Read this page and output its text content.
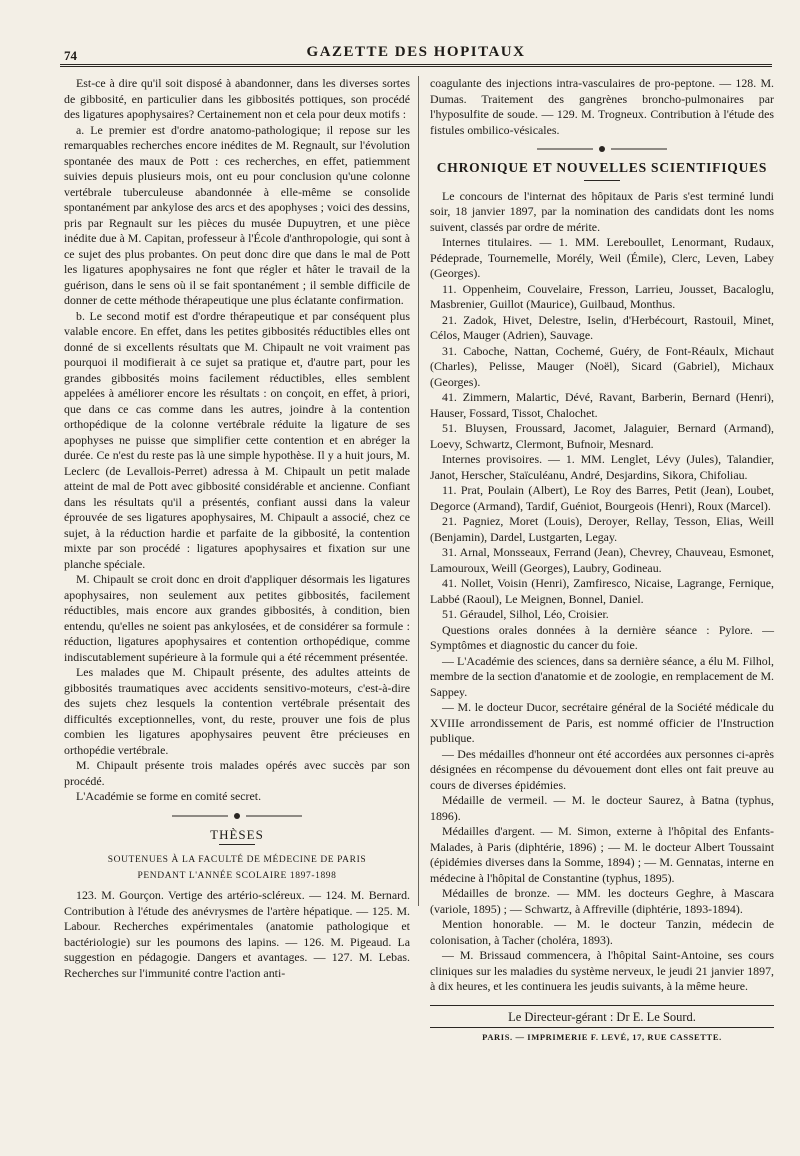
74	GAZETTE DES HOPITAUX

Est-ce à dire qu'il soit disposé à abandonner, dans les diverses sortes de gibbosité, en particulier dans les gibbosités pottiques, son procédé des ligatures apophysaires? Certainement non et cela pour deux motifs :

a. Le premier est d'ordre anatomo-pathologique; il repose sur les remarquables recherches encore inédites de M. Regnault, sur l'évolution spontanée des maux de Pott : ces recherches, en effet, patiemment suivies depuis plusieurs mois, ont eu pour conclusion qu'une colonne vertébrale tuberculeuse abandonnée à elle-même se consolide spontanément par ankylose des arcs et des apophyses ; voici des dessins, pris par Regnault sur les pièces du musée Dupuytren, et une pièce inédite due à M. Capitan, professeur à l'École d'anthropologie, qui sont à ce sujet des plus probantes. On peut donc dire que dans le mal de Pott les ligatures apophysaires ne font que régler et hâter le travail de la guérison, dans le sens où il se fait spontanément ; il semble difficile de donner de cette méthode thérapeutique une plus éclatante confirmation.

b. Le second motif est d'ordre thérapeutique et par conséquent plus valable encore. En effet, dans les petites gibbosités réductibles elles ont donné de si excellents résultats que M. Chipault ne voit vraiment pas pourquoi il modifierait à ce sujet sa pratique et, d'autre part, pour les grandes gibbosités moins facilement réductibles, elles semblent appelées à améliorer encore les résultats : on conçoit, en effet, à priori, que dans ce cas comme dans les autres, joindre à la contention orthopédique de la colonne vertébrale réduite la ligature de ses apophyses ne puisse que simplifier cette contention et en abréger la durée. Ce n'est du reste pas là une simple hypothèse. Il y a huit jours, M. Leclerc (de Levallois-Perret) adressa à M. Chipault un petit malade atteint de mal de Pott avec gibbosité considérable et ancienne. Confiant dans les résultats qu'il a présentés, confiant aussi dans la valeur éprouvée de ses ligatures apophysaires, M. Chipault a associé, chez ce sujet, à la réduction hardie et parfaite de la gibbosité, la contention mixte par son procédé : ligatures apophysaires et fixation sur une planche spéciale.

M. Chipault se croit donc en droit d'appliquer désormais les ligatures apophysaires, non seulement aux petites gibbosités, facilement réductibles, mais encore aux grandes gibbosités, à condition, bien entendu, qu'elles ne soient pas ankylosées, et de considérer sa formule : réduction, ligatures apophysaires et contention orthopédique, comme indiscutablement supérieure à la formule qui a été récemment présentée.

Les malades que M. Chipault présente, des adultes atteints de gibbosités traumatiques avec accidents sensitivo-moteurs, c'est-à-dire des sujets chez lesquels la contention vertébrale présentait des difficultés exceptionnelles, vont, du reste, prouver une fois de plus combien les ligatures apophysaires peuvent être précieuses en orthopédie vertébrale.

M. Chipault présente trois malades opérés avec succès par son procédé.

L'Académie se forme en comité secret.

THÈSES
SOUTENUES À LA FACULTÉ DE MÉDECINE DE PARIS
PENDANT L'ANNÉE SCOLAIRE 1897-1898

123. M. Gourçon. Vertige des artério-scléreux. — 124. M. Bernard. Contribution à l'étude des anévrysmes de l'artère hépatique. — 125. M. Labour. Recherches expérimentales (anatomie pathologique et bactériologie) sur les poumons des lapins. — 126. M. Pigeaud. La suggestion en pédagogie. Dangers et avantages. — 127. M. Lebas. Recherches sur l'immunité contre l'action anti-

coagulante des injections intra-vasculaires de pro-peptone. — 128. M. Dumas. Traitement des gangrènes broncho-pulmonaires par l'hyposulfite de soude. — 129. M. Trogneux. Contribution à l'étude des fistules ombilico-vésicales.

CHRONIQUE ET NOUVELLES SCIENTIFIQUES

Le concours de l'internat des hôpitaux de Paris s'est terminé lundi soir, 18 janvier 1897, par la nomination des candidats dont les noms suivent, classés par ordre de mérite.

Internes titulaires. — 1. MM. Lereboullet, Lenormant, Rudaux, Pédeprade, Tournemelle, Morély, Weil (Émile), Clerc, Leven, Labey (Georges).

11. Oppenheim, Couvelaire, Fresson, Larrieu, Jousset, Bacaloglu, Masbrenier, Guillot (Maurice), Guilbaud, Monthus.

21. Zadok, Hivet, Delestre, Iselin, d'Herbécourt, Rastouil, Minet, Célos, Mauger (Adrien), Sauvage.

31. Caboche, Nattan, Cochemé, Guéry, de Font-Réaulx, Michaut (Charles), Pelisse, Mauger (Noël), Sicard (Gabriel), Michaux (Georges).

41. Zimmern, Malartic, Dévé, Ravant, Barberin, Bernard (Henri), Hauser, Fossard, Tissot, Chalochet.

51. Bluysen, Froussard, Jacomet, Jalaguier, Bernard (Armand), Loevy, Schwartz, Clermont, Bufnoir, Mesnard.

Internes provisoires. — 1. MM. Lenglet, Lévy (Jules), Talandier, Janot, Herscher, Staïculéanu, André, Desjardins, Sikora, Chifoliau.

11. Prat, Poulain (Albert), Le Roy des Barres, Petit (Jean), Loubet, Degorce (Armand), Tardif, Guéniot, Bourgeois (Henri), Roux (Marcel).

21. Pagniez, Moret (Louis), Deroyer, Rellay, Tesson, Elias, Weill (Benjamin), Dardel, Lustgarten, Legay.

31. Arnal, Monsseaux, Ferrand (Jean), Chevrey, Chauveau, Esmonet, Lamouroux, Weill (Georges), Laubry, Godineau.

41. Nollet, Voisin (Henri), Zamfiresco, Nicaise, Lagrange, Fernique, Labbé (Raoul), Le Meignen, Bonnel, Daniel.

51. Géraudel, Silhol, Léo, Croisier.

Questions orales données à la dernière séance : Pylore. — Symptômes et diagnostic du cancer du foie.

— L'Académie des sciences, dans sa dernière séance, a élu M. Filhol, membre de la section d'anatomie et de zoologie, en remplacement de M. Sappey.

— M. le docteur Ducor, secrétaire général de la Société médicale du XVIIIe arrondissement de Paris, est nommé officier de l'Instruction publique.

— Des médailles d'honneur ont été accordées aux personnes ci-après désignées en récompense du dévouement dont elles ont fait preuve au cours de diverses épidémies.

Médaille de vermeil. — M. le docteur Saurez, à Batna (typhus, 1896).

Médailles d'argent. — M. Simon, externe à l'hôpital des Enfants-Malades, à Paris (diphtérie, 1896) ; — M. le docteur Albert Toussaint (épidémies diverses dans la Somme, 1894) ; — M. Gennatas, interne en médecine à l'hôpital de Constantine (typhus, 1895).

Médailles de bronze. — MM. les docteurs Geghre, à Mascara (variole, 1895) ; — Schwartz, à Affreville (diphtérie, 1893-1894).

Mention honorable. — M. le docteur Tanzin, médecin de colonisation, à Tacher (choléra, 1893).

— M. Brissaud commencera, à l'hôpital Saint-Antoine, ses cours cliniques sur les maladies du système nerveux, le jeudi 21 janvier 1897, à dix heures, et les continuera les jeudis suivants, à la même heure.

Le Directeur-gérant : Dr E. Le Sourd.
PARIS. — IMPRIMERIE F. LEVÉ, 17, RUE CASSETTE.
